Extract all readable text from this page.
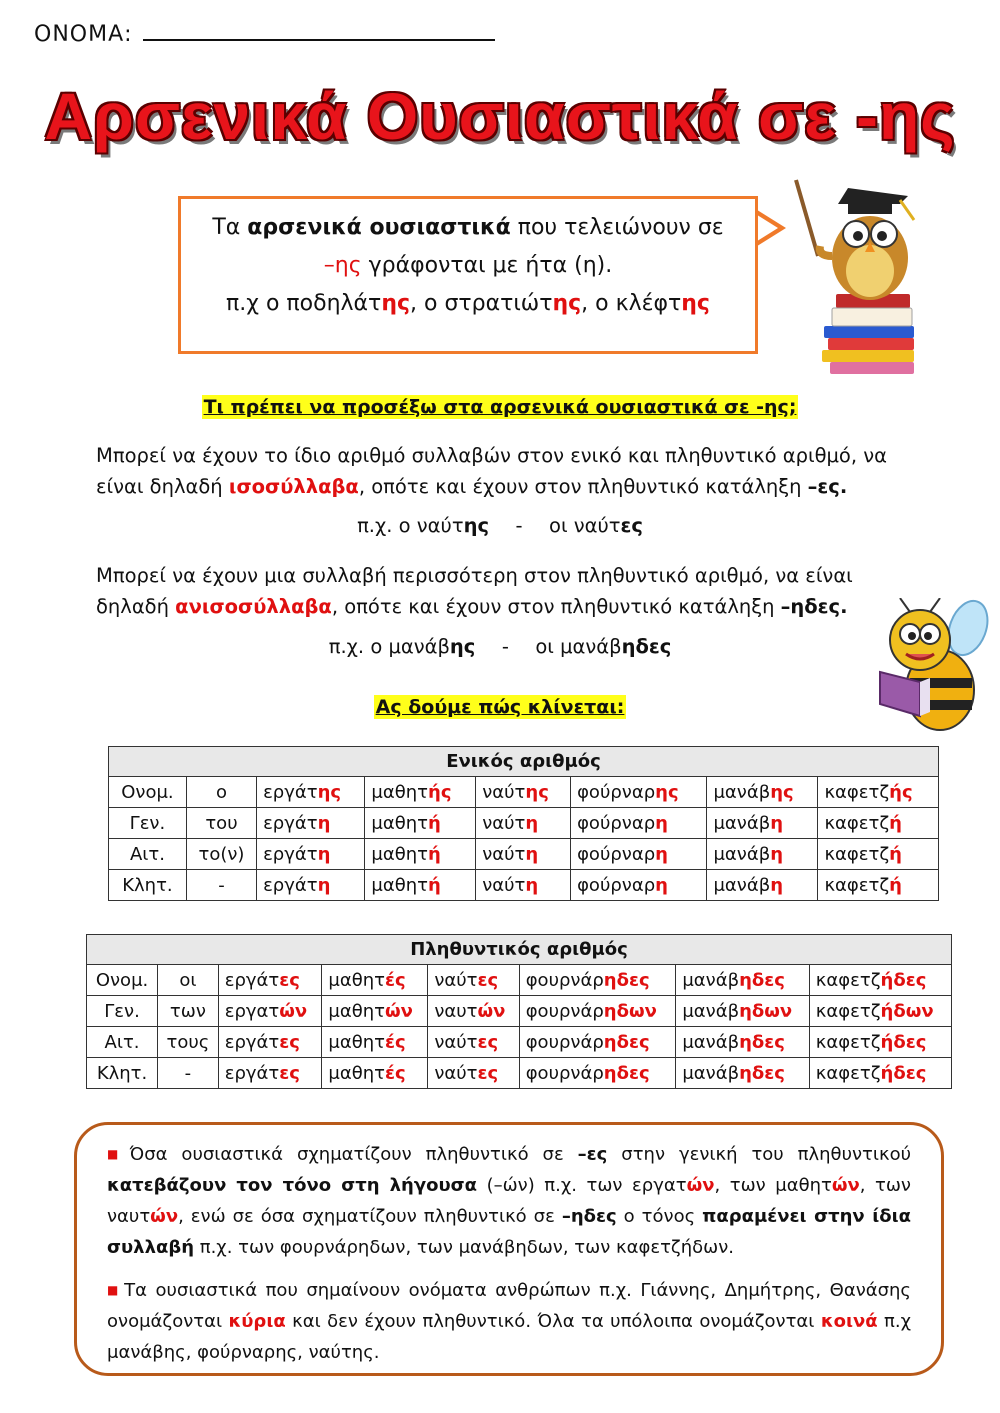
ΟΝΟΜΑ:
Αρσενικά Ουσιαστικά σε -ης
Τα αρσενικά ουσιαστικά που τελειώνουν σε
–ης γράφονται με ήτα (η).
π.χ ο ποδηλάτης, ο στρατιώτης, ο κλέφτης
Τι πρέπει να προσέξω στα αρσενικά ουσιαστικά σε -ης;
Μπορεί να έχουν το ίδιο αριθμό συλλαβών στον ενικό και πληθυντικό αριθμό, να είναι δηλαδή ισοσύλλαβα, οπότε και έχουν στον πληθυντικό κατάληξη –ες.
π.χ. ο ναύτης - οι ναύτες
Μπορεί να έχουν μια συλλαβή περισσότερη στον πληθυντικό αριθμό, να είναι δηλαδή ανισοσύλλαβα, οπότε και έχουν στον πληθυντικό κατάληξη –ηδες.
π.χ. ο μανάβης - οι μανάβηδες
Ας δούμε πώς κλίνεται:
Ενικός αριθμός							
Ονομ.	ο	εργάτης	μαθητής	ναύτης	φούρναρης	μανάβης	καφετζής
Γεν.	του	εργάτη	μαθητή	ναύτη	φούρναρη	μανάβη	καφετζή
Αιτ.	το(ν)	εργάτη	μαθητή	ναύτη	φούρναρη	μανάβη	καφετζή
Κλητ.	-	εργάτη	μαθητή	ναύτη	φούρναρη	μανάβη	καφετζή
Πληθυντικός αριθμός							
Ονομ.	οι	εργάτες	μαθητές	ναύτες	φουρνάρηδες	μανάβηδες	καφετζήδες
Γεν.	των	εργατών	μαθητών	ναυτών	φουρνάρηδων	μανάβηδων	καφετζήδων
Αιτ.	τους	εργάτες	μαθητές	ναύτες	φουρνάρηδες	μανάβηδες	καφετζήδες
Κλητ.	-	εργάτες	μαθητές	ναύτες	φουρνάρηδες	μανάβηδες	καφετζήδες

■ Όσα ουσιαστικά σχηματίζουν πληθυντικό σε –ες στην γενική του πληθυντικού κατεβάζουν τον τόνο στη λήγουσα (–ών) π.χ. των εργατών, των μαθητών, των ναυτών, ενώ σε όσα σχηματίζουν πληθυντικό σε –ηδες ο τόνος παραμένει στην ίδια συλλαβή π.χ. των φουρνάρηδων, των μανάβηδων, των καφετζήδων.

■ Τα ουσιαστικά που σημαίνουν ονόματα ανθρώπων π.χ. Γιάννης, Δημήτρης, Θανάσης ονομάζονται κύρια και δεν έχουν πληθυντικό. Όλα τα υπόλοιπα ονομάζονται κοινά π.χ μανάβης, φούρναρης, ναύτης.
